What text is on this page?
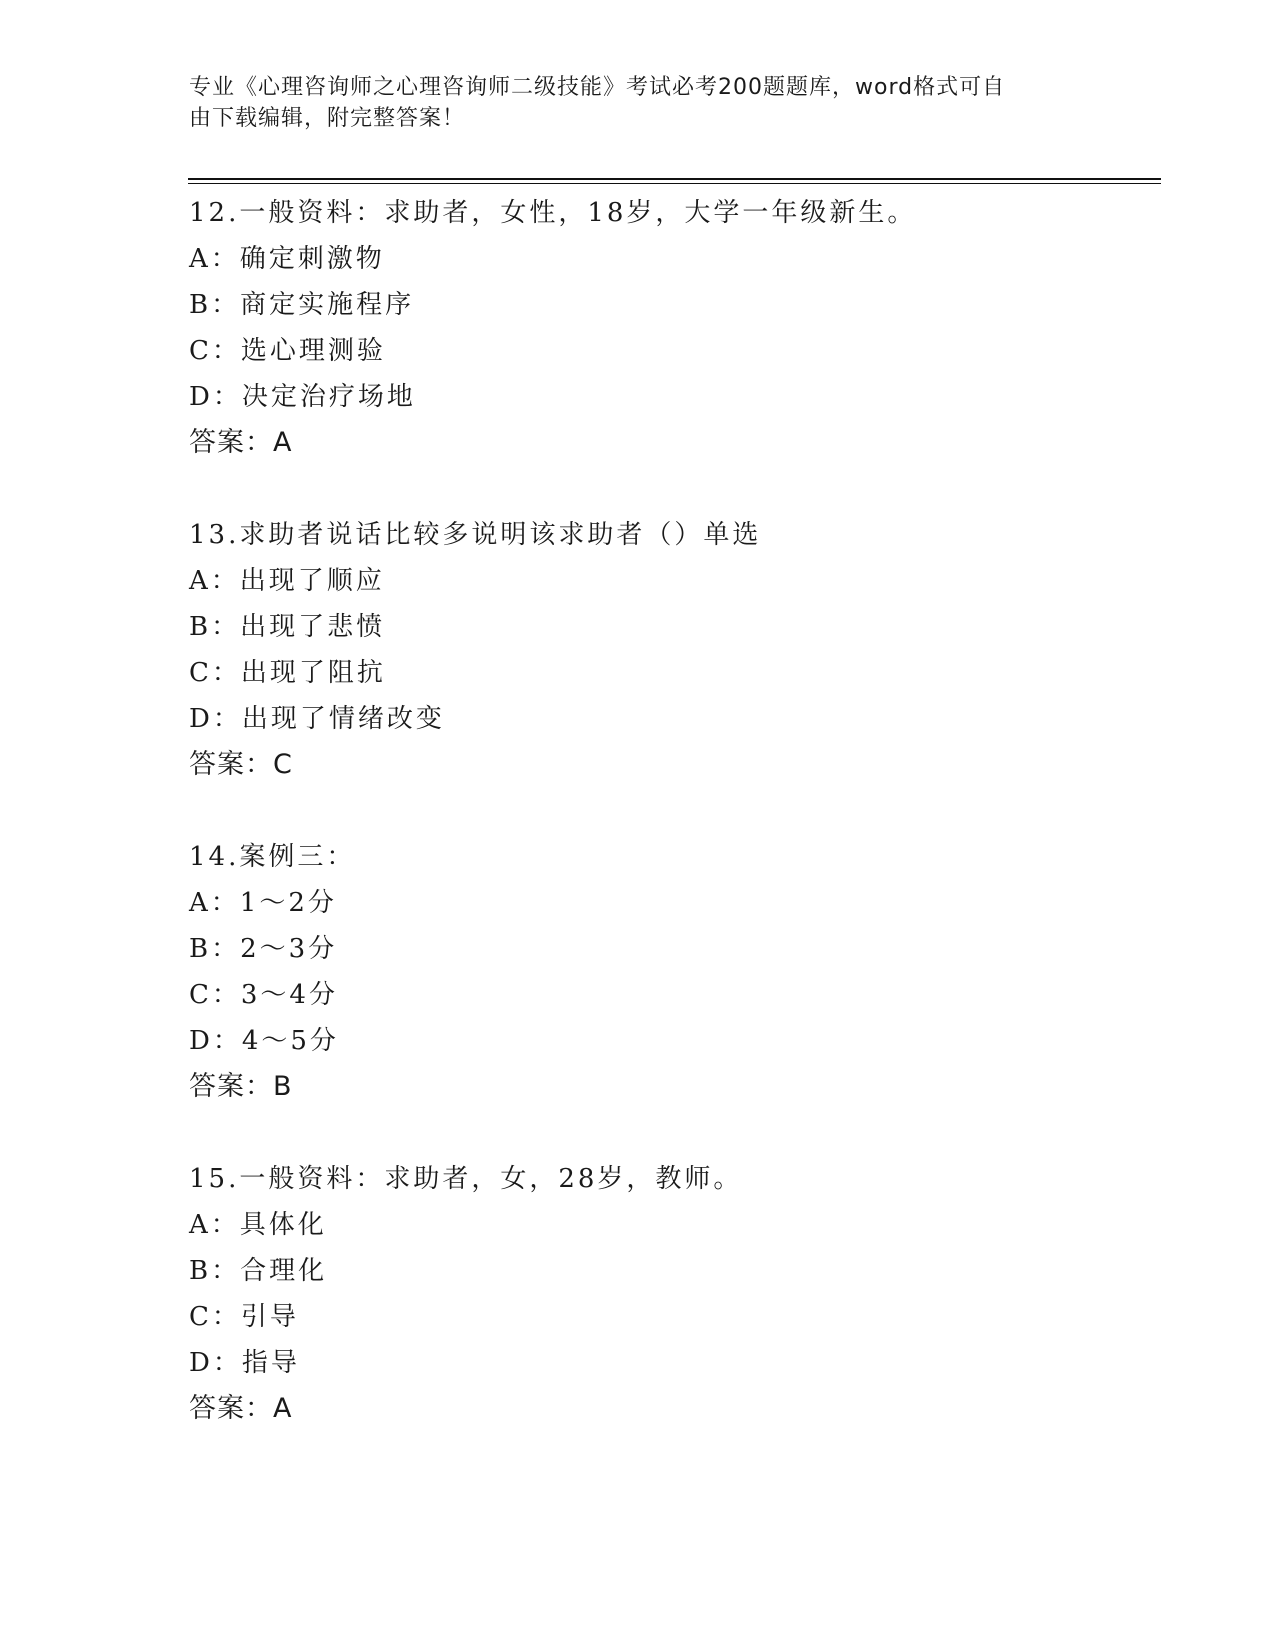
专业《心理咨询师之心理咨询师二级技能》考试必考200题题库，word格式可自
由下载编辑，附完整答案！
12.一般资料：求助者，女性，18岁，大学一年级新生。
A：确定刺激物
B：商定实施程序
C：选心理测验
D：决定治疗场地
答案：A
13.求助者说话比较多说明该求助者（）单选
A：出现了顺应
B：出现了悲愤
C：出现了阻抗
D：出现了情绪改变
答案：C
14.案例三：
A：1～2分
B：2～3分
C：3～4分
D：4～5分
答案：B
15.一般资料：求助者，女，28岁，教师。
A：具体化
B：合理化
C：引导
D：指导
答案：A
